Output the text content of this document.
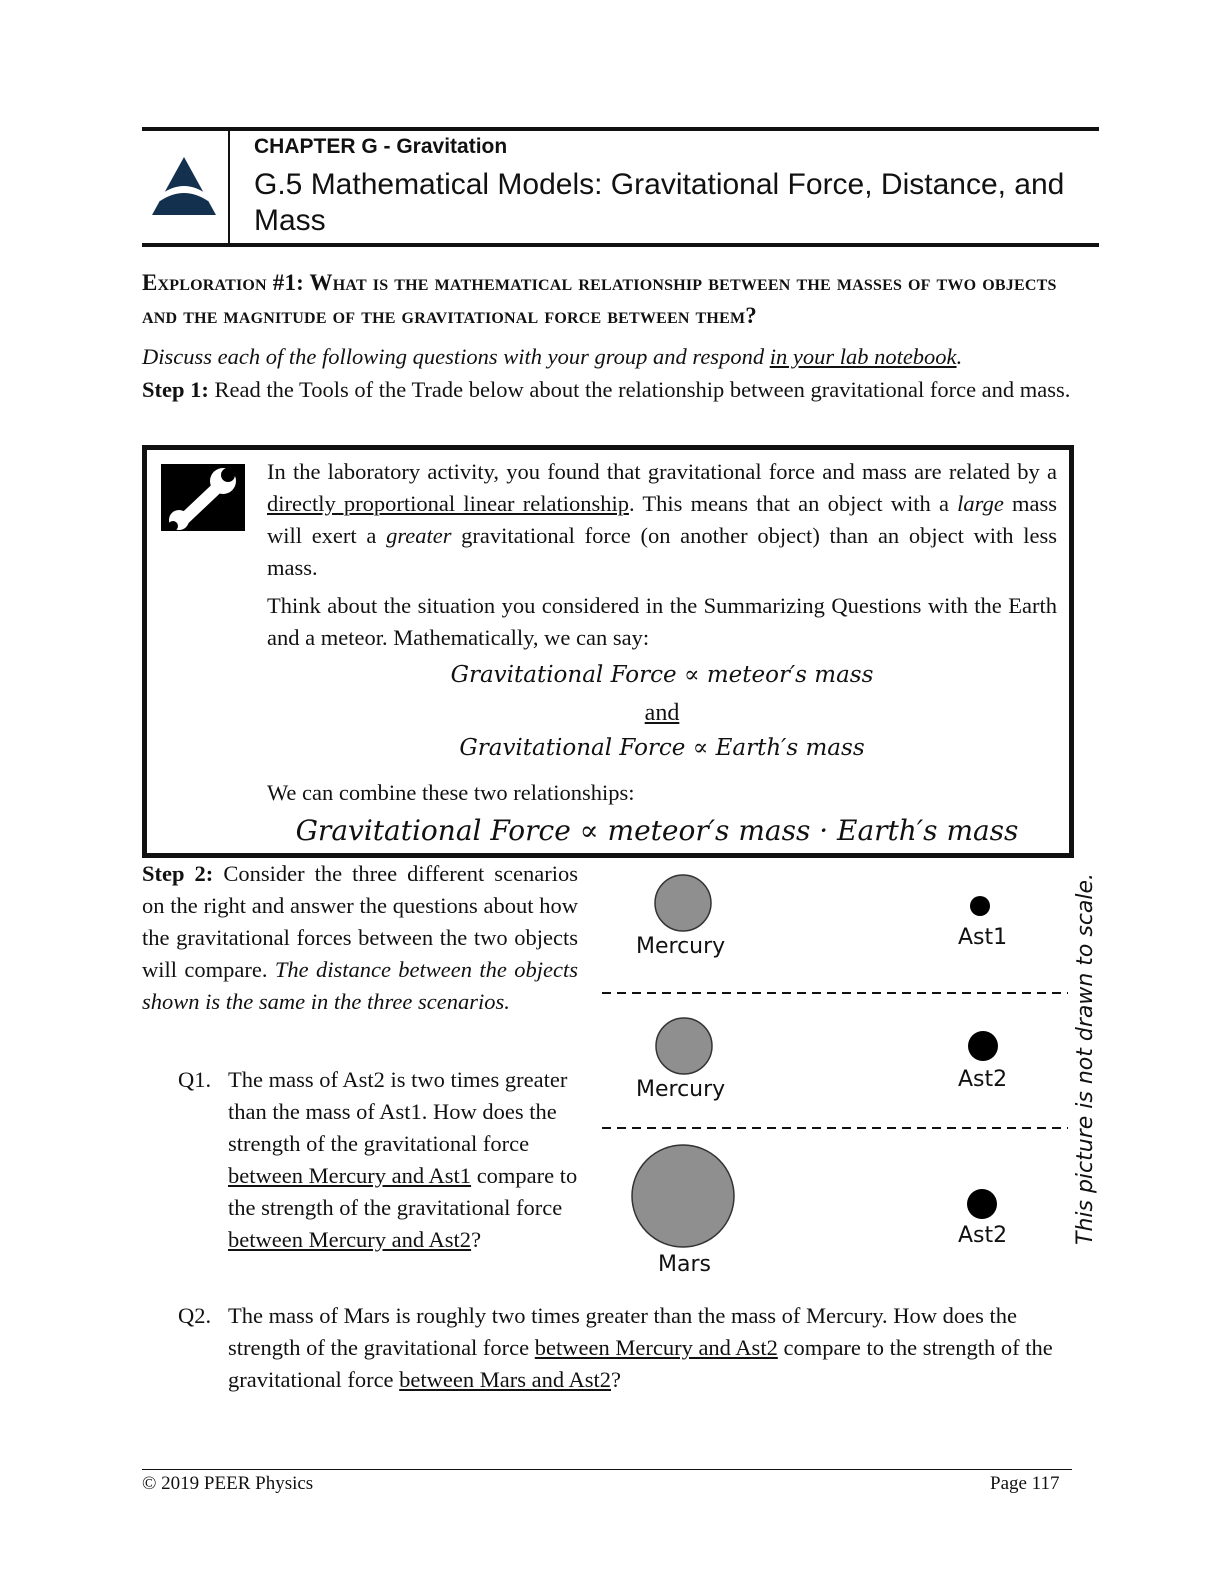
CHAPTER G - Gravitation
G.5 Mathematical Models: Gravitational Force, Distance, and Mass
Exploration #1: What is the mathematical relationship between the masses of two objects and the magnitude of the gravitational force between them?
Discuss each of the following questions with your group and respond in your lab notebook.
Step 1: Read the Tools of the Trade below about the relationship between gravitational force and mass.

In the laboratory activity, you found that gravitational force and mass are related by a directly proportional linear relationship. This means that an object with a large mass will exert a greater gravitational force (on another object) than an object with less mass.

Think about the situation you considered in the Summarizing Questions with the Earth and a meteor. Mathematically, we can say:

Gravitational Force ∝ meteor′s mass
and
Gravitational Force ∝ Earth′s mass
We can combine these two relationships:
Gravitational Force ∝ meteor′s mass · Earth′s mass
Step 2: Consider the three different scenarios on the right and answer the questions about how the gravitational forces between the two objects will compare. The distance between the objects shown is the same in the three scenarios.
Q1. The mass of Ast2 is two times greater than the mass of Ast1. How does the strength of the gravitational force between Mercury and Ast1 compare to the strength of the gravitational force between Mercury and Ast2?
Q2. The mass of Mars is roughly two times greater than the mass of Mercury. How does the strength of the gravitational force between Mercury and Ast2 compare to the strength of the gravitational force between Mars and Ast2?
Mercury	Ast1
Mercury	Ast2
Mars
Ast2	This picture is not drawn to scale.
© 2019 PEER Physics	Page 117
